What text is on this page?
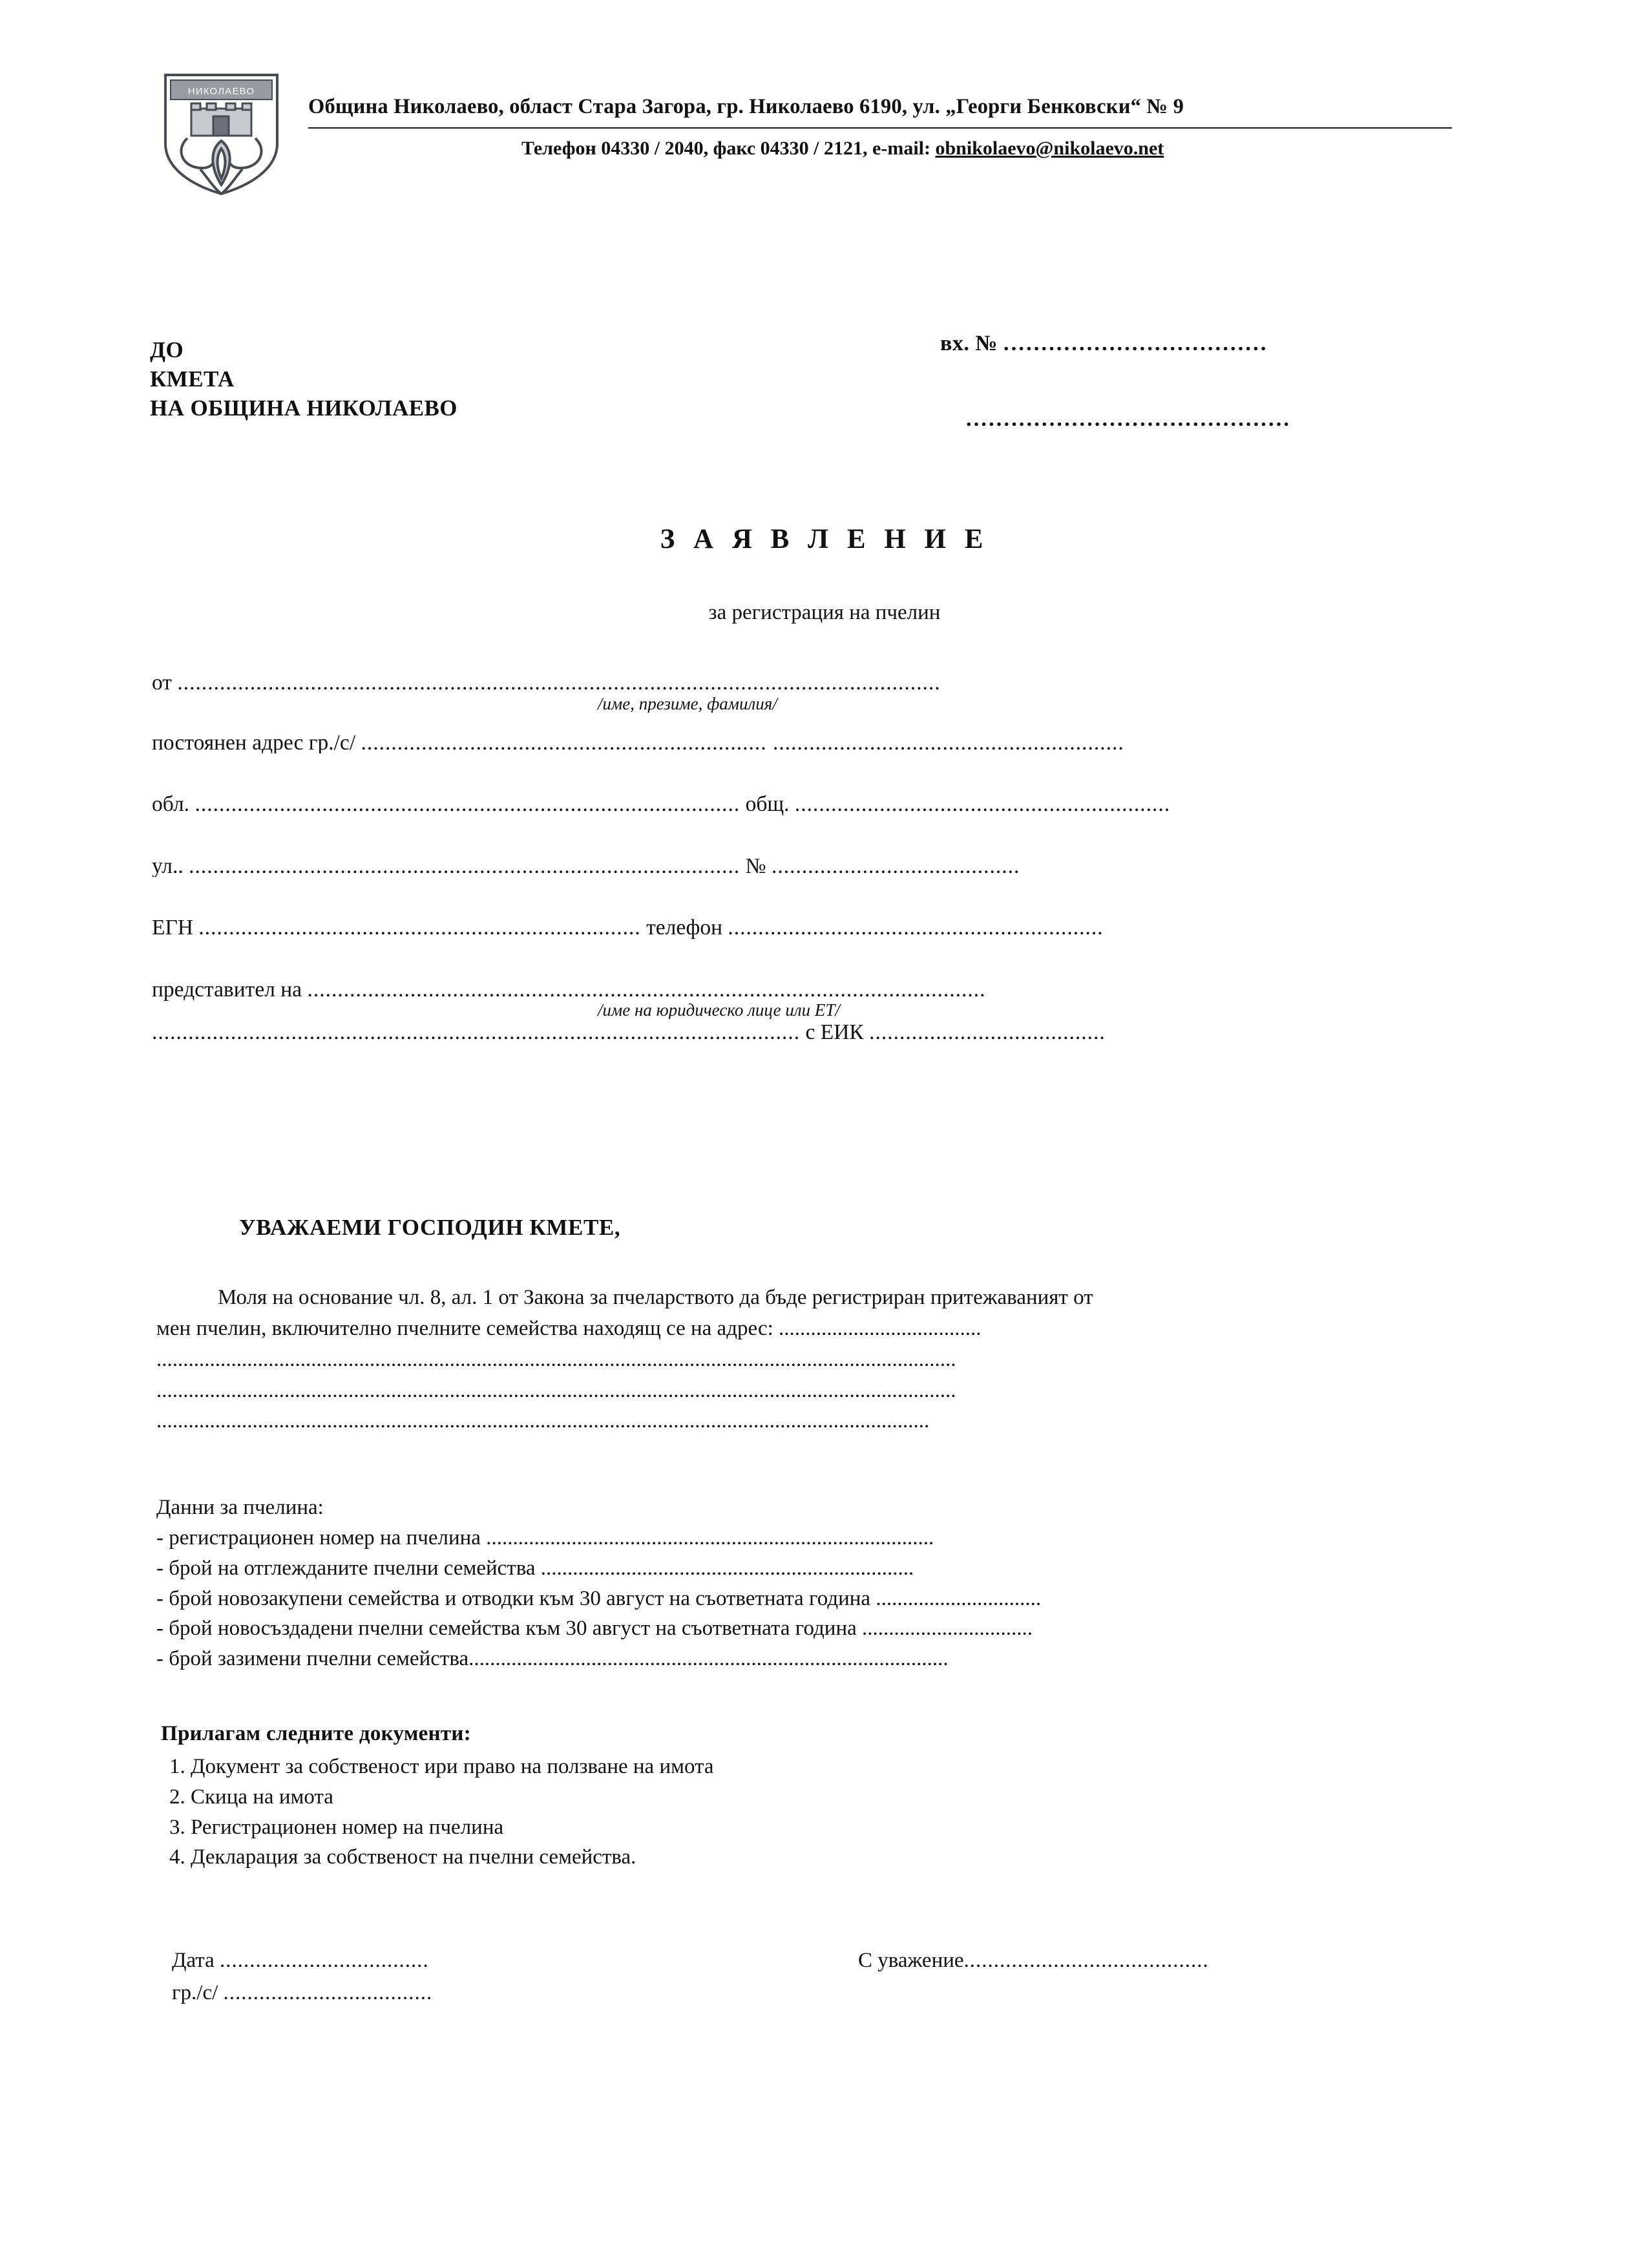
НИКОЛАЕВО
Община Николаево, област Стара Загора, гр. Николаево 6190, ул. „Георги Бенковски“ № 9
Телефон 04330 / 2040, факс 04330 / 2121, e-mail: obnikolaevo@nikolaevo.net
ДО
КМЕТА
НА ОБЩИНА НИКОЛАЕВО
вх. № ...................................
...........................................
З А Я В Л Е Н И Е
за регистрация на пчелин
от ..............................................................................................................................
/име, презиме, фамилия/
постоянен адрес гр./с/ ................................................................... ..........................................................
обл. .......................................................................................... общ. ..............................................................
ул.. ........................................................................................... № .........................................
ЕГН ......................................................................... телефон ..............................................................
представител на ................................................................................................................
/име на юридическо лице или ЕТ/
........................................................................................................... с ЕИК .......................................
УВАЖАЕМИ ГОСПОДИН КМЕТЕ,
Моля на основание чл. 8, ал. 1 от Закона за пчеларството да бъде регистриран притежаваният от
мен пчелин, включително пчелните семейства находящ се на адрес: ......................................
......................................................................................................................................................
......................................................................................................................................................
.................................................................................................................................................
Данни за пчелина:
- регистрационен номер на пчелина ....................................................................................
- брой на отглежданите пчелни семейства ......................................................................
- брой новозакупени семейства и отводки към 30 август на съответната година ...............................
- брой новосъздадени пчелни семейства към 30 август на съответната година ................................
- брой зазимени пчелни семейства..........................................................................................
Прилагам следните документи:
1. Документ за собственост ири право на ползване на имота
2. Скица на имота
3. Регистрационен номер на пчелина
4. Декларация за собственост на пчелни семейства.
Дата ...................................
гр./с/ ...................................
С уважение.........................................
